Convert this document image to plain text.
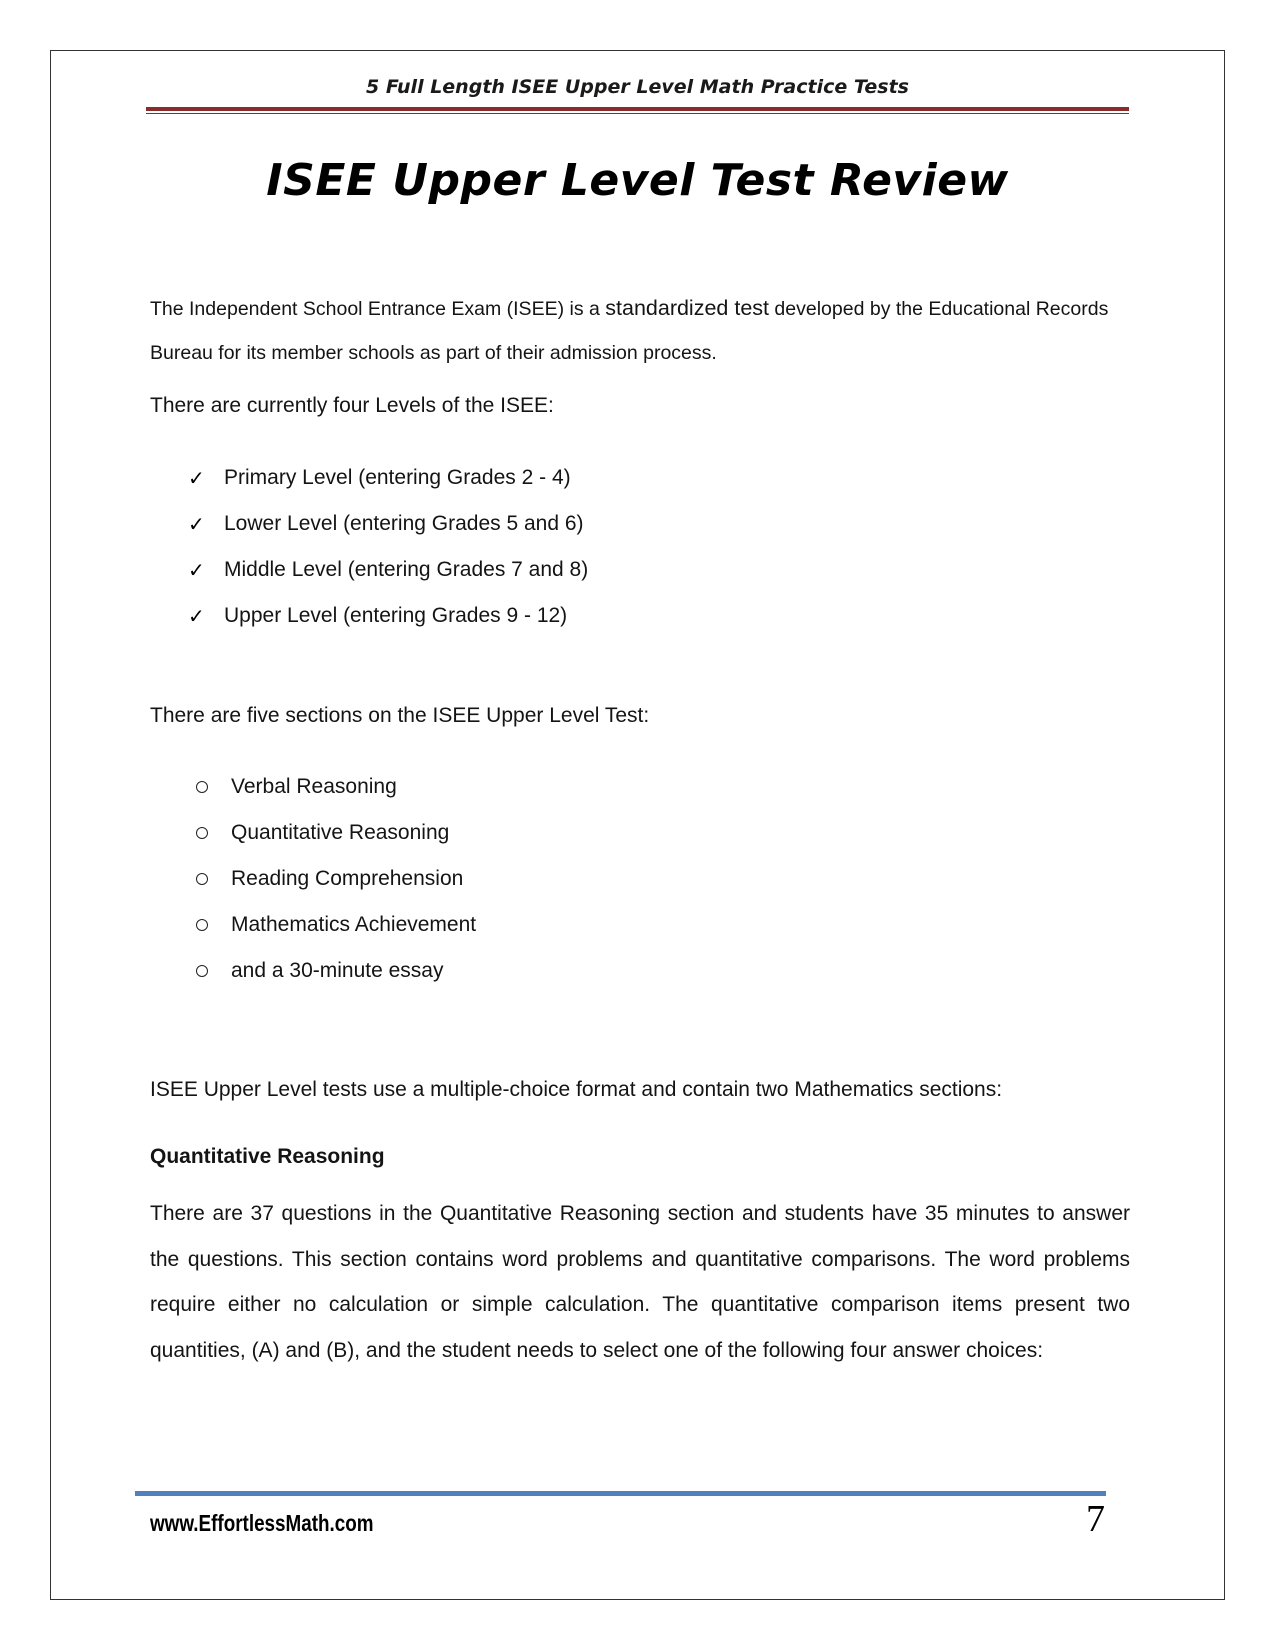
5 Full Length ISEE Upper Level Math Practice Tests
ISEE Upper Level Test Review
The Independent School Entrance Exam (ISEE) is a standardized test developed by the Educational Records Bureau for its member schools as part of their admission process.
There are currently four Levels of the ISEE:
✓ Primary Level (entering Grades 2 - 4)
✓ Lower Level (entering Grades 5 and 6)
✓ Middle Level (entering Grades 7 and 8)
✓ Upper Level (entering Grades 9 - 12)
There are five sections on the ISEE Upper Level Test:
Verbal Reasoning
Quantitative Reasoning
Reading Comprehension
Mathematics Achievement
and a 30-minute essay
ISEE Upper Level tests use a multiple-choice format and contain two Mathematics sections:
Quantitative Reasoning
There are 37 questions in the Quantitative Reasoning section and students have 35 minutes to answer the questions. This section contains word problems and quantitative comparisons. The word problems require either no calculation or simple calculation. The quantitative comparison items present two quantities, (A) and (B), and the student needs to select one of the following four answer choices:
www.EffortlessMath.com	7
